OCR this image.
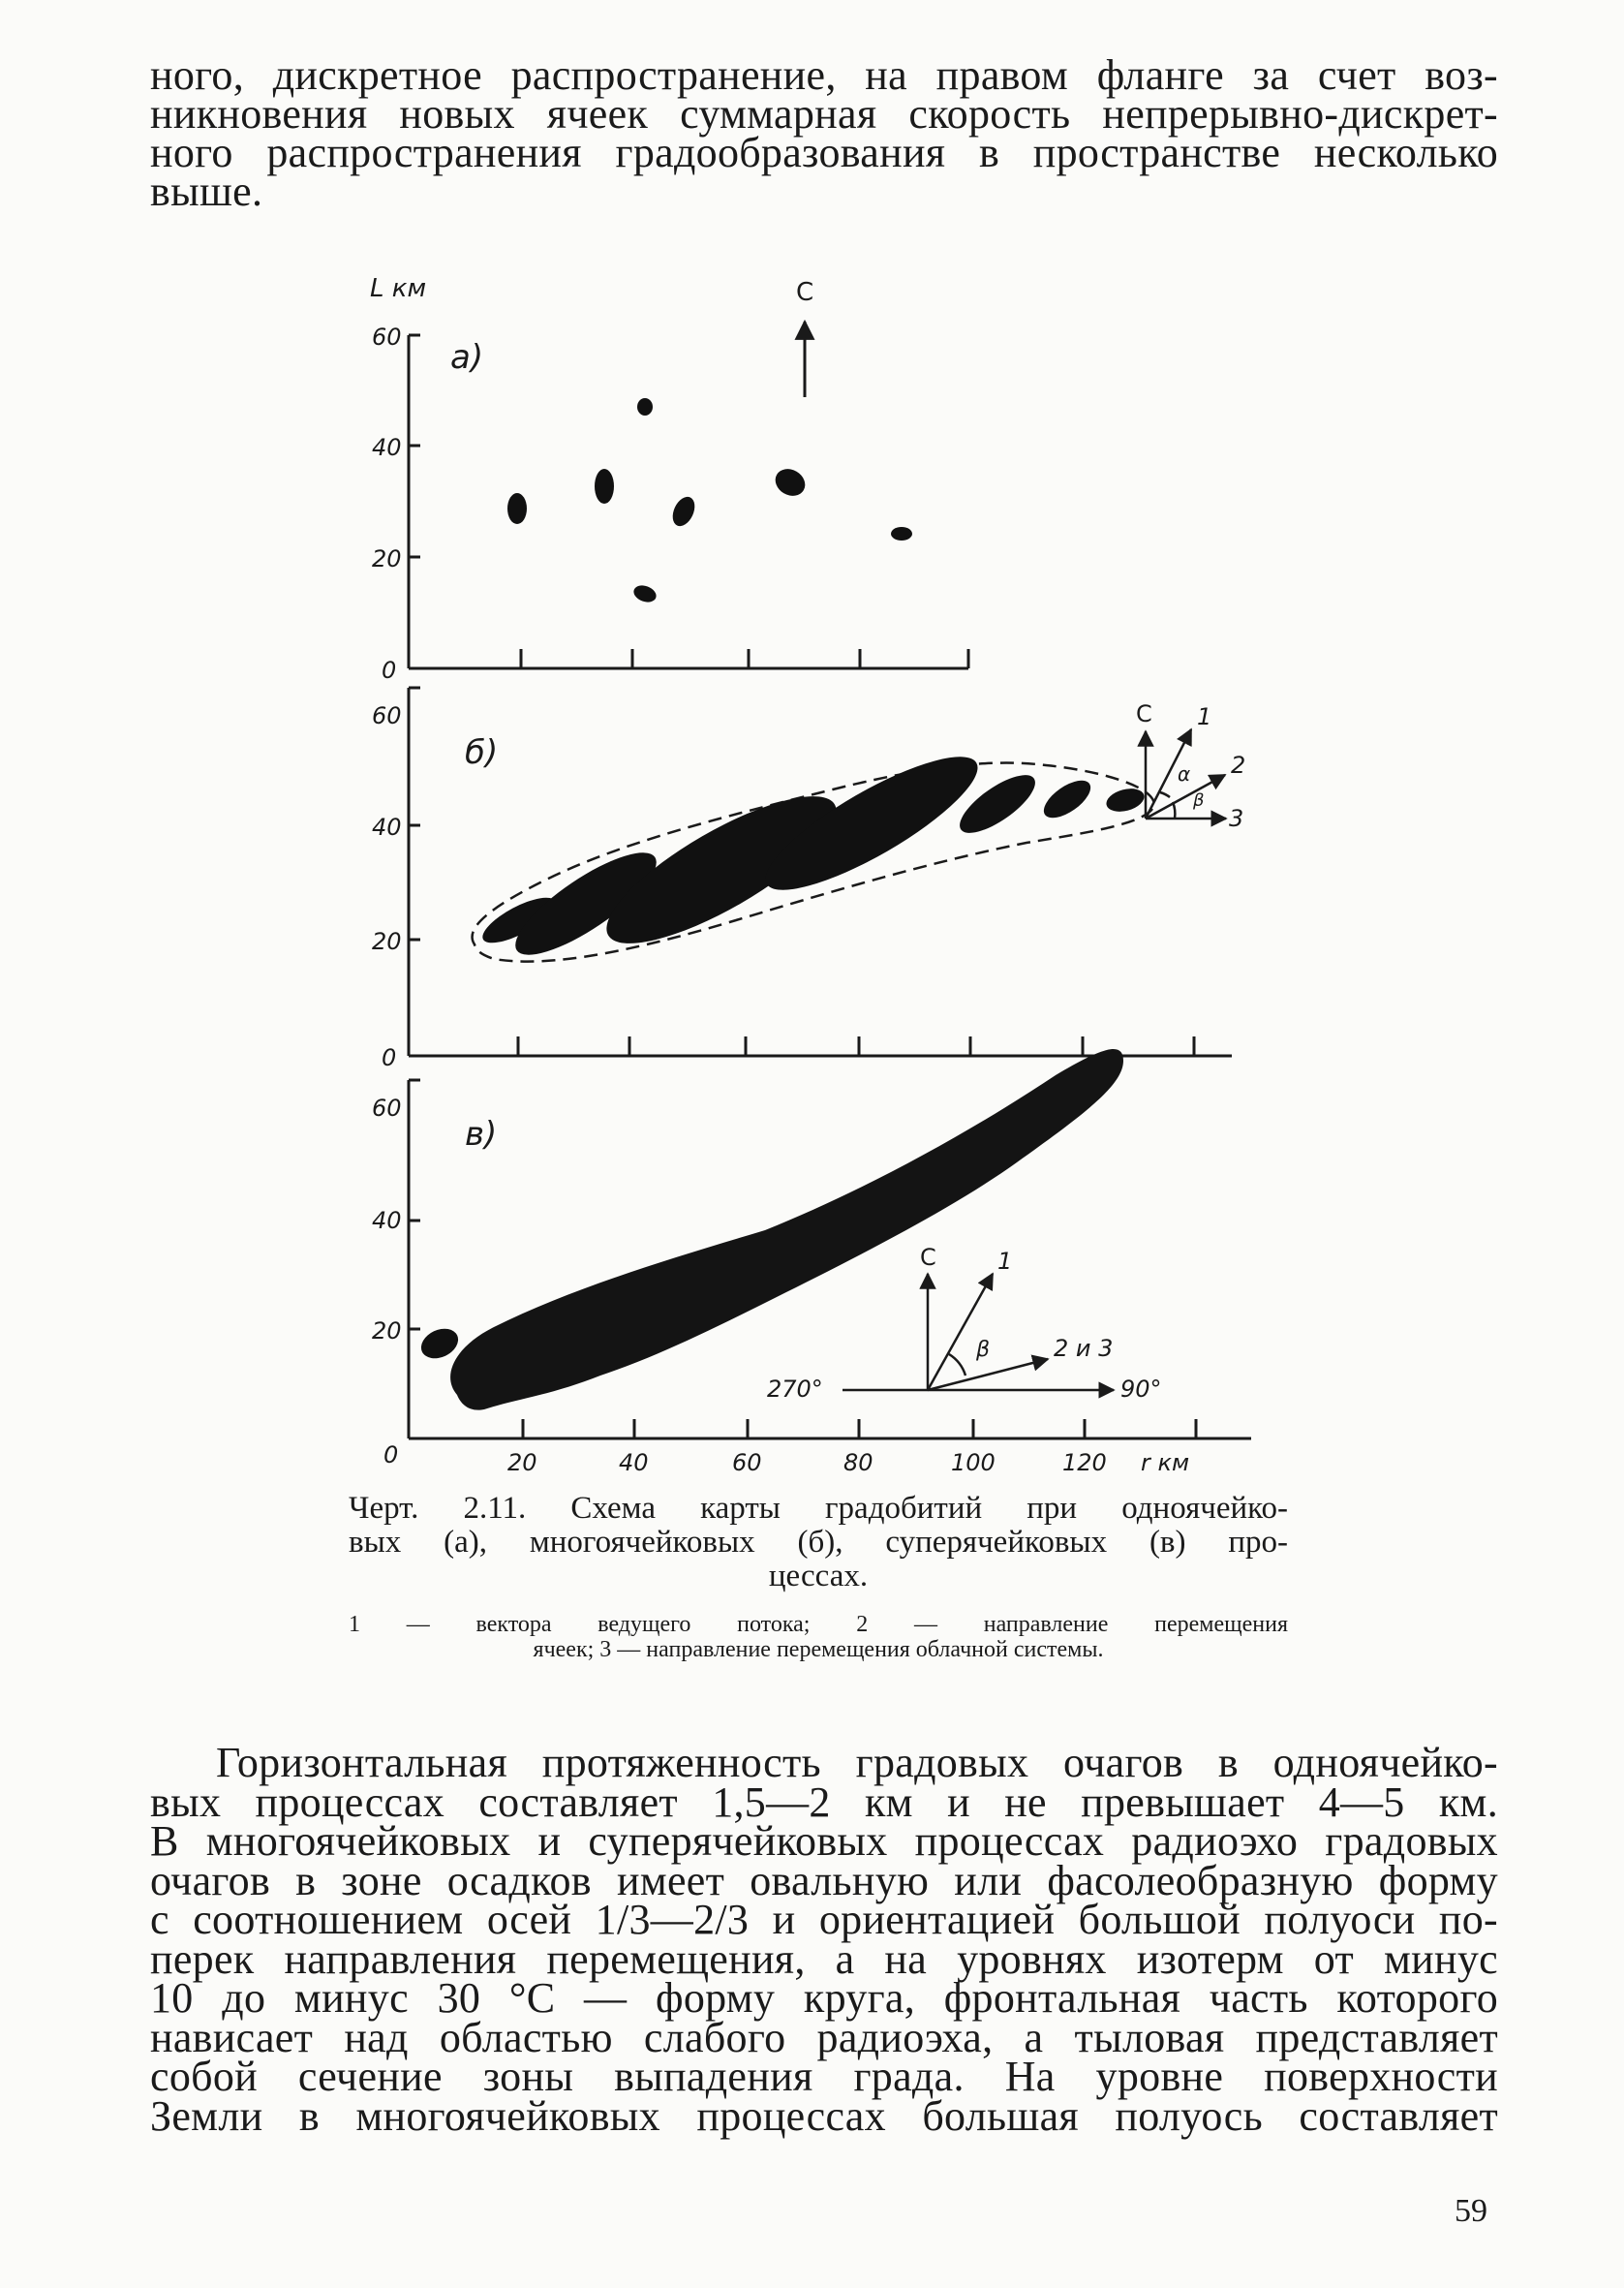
ного, дискретное распространение, на правом фланге за счет воз-
никновения новых ячеек суммарная скорость непрерывно-дискрет-
ного распространения градообразования в пространстве несколько
выше.
L км
60
40
20
0
а)
С
60
40
20
0
б)
С 1
2
3
α
β
60
40
20
0	20	40	60	80	100	120 r км
в)
С	1
β	2 и 3
270°	90°
Черт. 2.11. Схема карты градобитий при одноячейко-
вых (а), многоячейковых (б), суперячейковых (в) про-
цессах.
1 — вектора ведущего потока; 2 — направление перемещения
ячеек; 3 — направление перемещения облачной системы.
Горизонтальная протяженность градовых очагов в одноячейко-
вых процессах составляет 1,5—2 км и не превышает 4—5 км.
В многоячейковых и суперячейковых процессах радиоэхо градовых
очагов в зоне осадков имеет овальную или фасолеобразную форму
с соотношением осей 1/3—2/3 и ориентацией большой полуоси по-
перек направления перемещения, а на уровнях изотерм от минус
10 до минус 30 °С — форму круга, фронтальная часть которого
нависает над областью слабого радиоэха, а тыловая представляет
собой сечение зоны выпадения града. На уровне поверхности
Земли в многоячейковых процессах большая полуось составляет
59
